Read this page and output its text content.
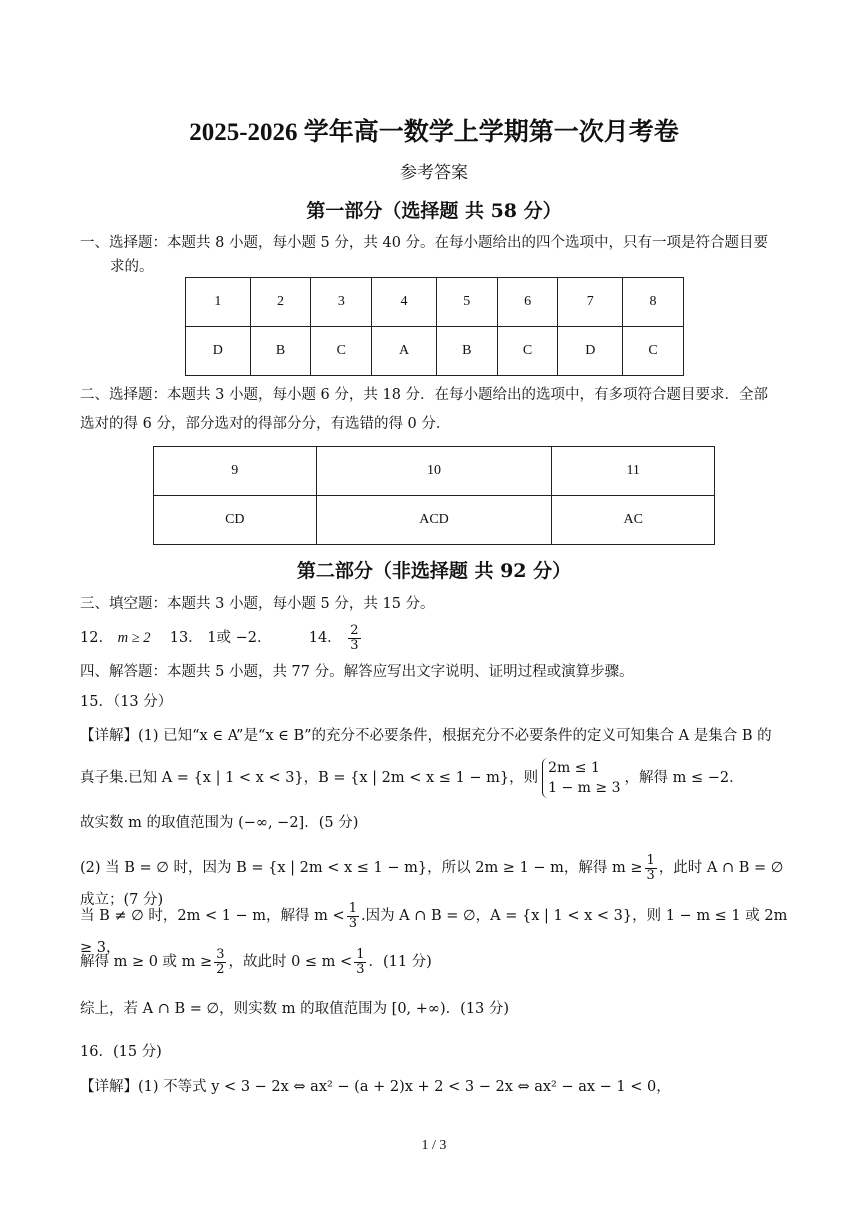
2025-2026 学年高一数学上学期第一次月考卷
参考答案
第一部分（选择题 共 58 分）
一、选择题：本题共 8 小题，每小题 5 分，共 40 分。在每小题给出的四个选项中，只有一项是符合题目要
求的。
1	2	3	4	5	6	7	8
D	B	C	A	B	C	D	C
二、选择题：本题共 3 小题，每小题 6 分，共 18 分．在每小题给出的选项中，有多项符合题目要求．全部
选对的得 6 分，部分选对的得部分分，有选错的得 0 分．
9	10	11
CD	ACD	AC
第二部分（非选择题 共 92 分）
三、填空题：本题共 3 小题，每小题 5 分，共 15 分。
12． m ≥ 2 13． 1或 −2．	14． $\frac{2}{3}$
四、解答题：本题共 5 小题，共 77 分。解答应写出文字说明、证明过程或演算步骤。
15．（13 分）
【详解】(1) 已知“x ∈ A”是“x ∈ B”的充分不必要条件，根据充分不必要条件的定义可知集合 A 是集合 B 的
真子集.已知 A = {x | 1 < x < 3}，B = {x | 2m < x ≤ 1 − m}，则
2m ≤ 1
1 − m ≥ 3
，解得 m ≤ −2．
故实数 m 的取值范围为 (−∞, −2]．(5 分)
(2) 当 B = ∅ 时，因为 B = {x | 2m < x ≤ 1 − m}，所以 2m ≥ 1 − m，解得 $m \ge \frac{1}{3}$ ，此时 A ∩ B = ∅ 成立；(7 分)
当 B ≠ ∅ 时，2m < 1 − m，解得 $m < \frac{1}{3}$ .因为 A ∩ B = ∅，A = {x | 1 < x < 3}，则 1 − m ≤ 1 或 2m ≥ 3，
解得 m ≥ 0 或 $m \ge \frac{3}{2}$ ，故此时 $0 \le m < \frac{1}{3}$ ．(11 分)
综上，若 A ∩ B = ∅，则实数 m 的取值范围为 [0, +∞)．(13 分)
16．(15 分)
【详解】(1) 不等式 y < 3 − 2x ⇔ ax² − (a + 2)x + 2 < 3 − 2x ⇔ ax² − ax − 1 < 0，
1 / 3
